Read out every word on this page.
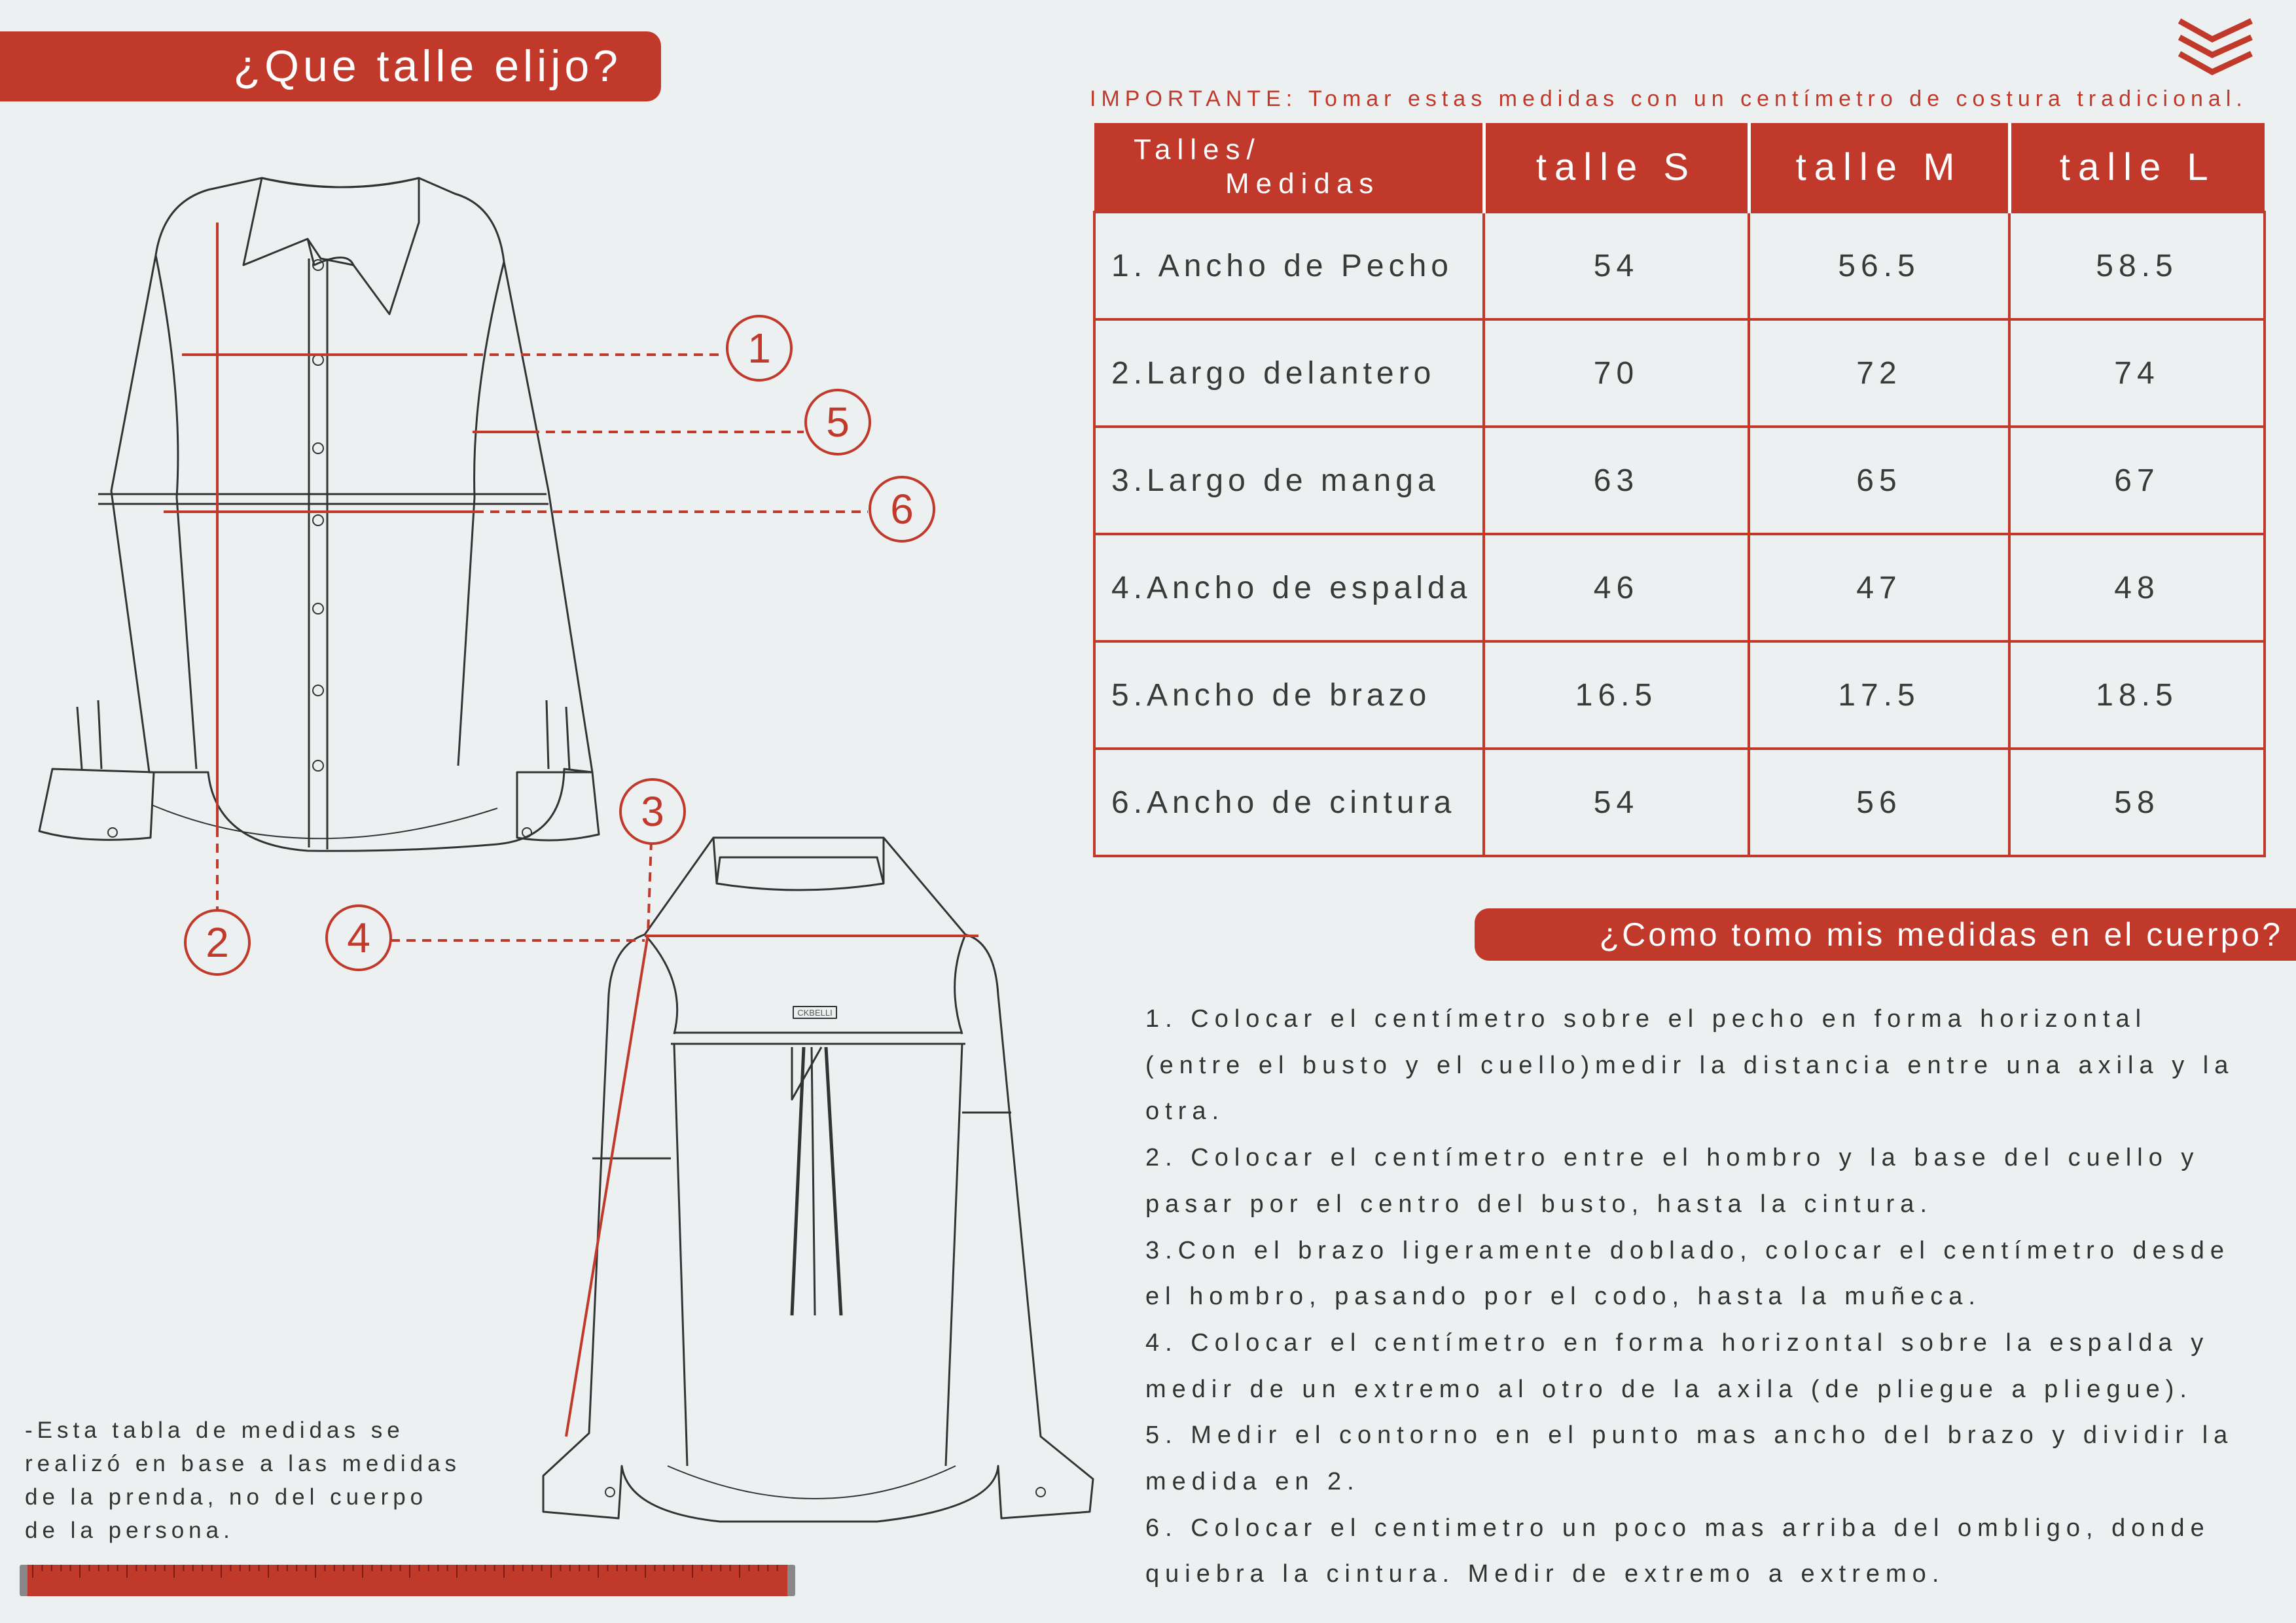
¿Que talle elijo?
IMPORTANTE: Tomar estas medidas con un centímetro de costura tradicional.
Talles/
Medidas	talle S	talle M	talle L
1. Ancho de Pecho	54	56.5	58.5
2.Largo delantero	70	72	74
3.Largo de manga	63	65	67
4.Ancho de espalda	46	47	48
5.Ancho de brazo	16.5	17.5	18.5
6.Ancho de cintura	54	56	58
¿Como tomo mis medidas en el cuerpo?

1. Colocar el centímetro sobre el pecho en forma horizontal (entre el busto y el cuello)medir la distancia entre una axila y la otra.

2. Colocar el centímetro entre el hombro y la base del cuello y pasar por el centro del busto, hasta la cintura.

3.Con el brazo ligeramente doblado, colocar el centímetro desde el hombro, pasando por el codo, hasta la muñeca.

4. Colocar el centímetro en forma horizontal sobre la espalda y medir de un extremo al otro de la axila (de pliegue a pliegue).

5. Medir el contorno en el punto mas ancho del brazo y dividir la medida en 2.

6. Colocar el centimetro un poco mas arriba del ombligo, donde quiebra la cintura. Medir de extremo a extremo.

-Esta tabla de medidas se

realizó en base a las medidas

de la prenda, no del cuerpo

de la persona.

CKBELLI
1
5
6
2	4
3
